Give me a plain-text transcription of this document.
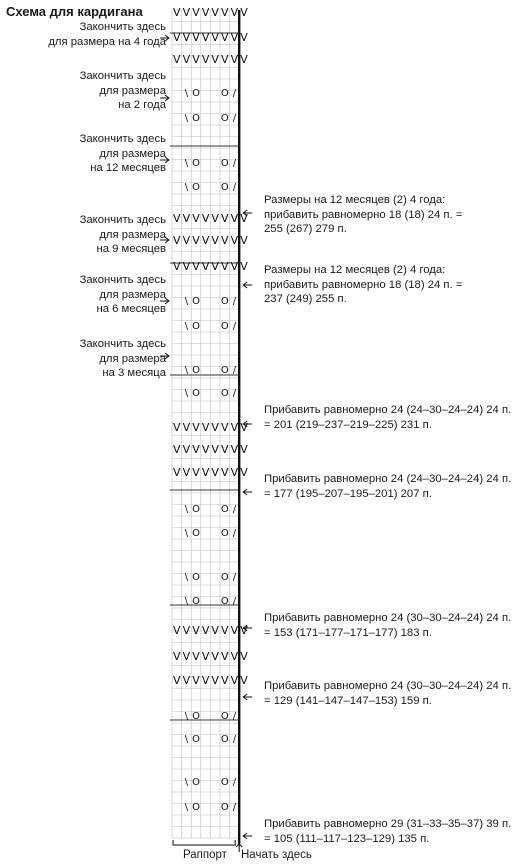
Схема для кардигана	V V V V V V V V
V V V V V V V V
V V V V V V V V
V V V V V V V V
V V V V V V V V
V V V V V V V V
V V V V V V V V
V V V V V V V V
V V V V V V V V
V V V V V V V V
V V V V V V V V
V V V V V V V V
\ O O /
\ O O /
\ O O /
\ O O /
\ O O /
\ O O /
\ O O /
\ O O /
\ O O /
\ O O /
\ O O /
\ O O /
\ O O /
\ O O /
\ O O /
\ O O /
Закончить здесь
для размера на 4 года
Закончить здесь
для размера
на 2 года
Закончить здесь
для размера
на 12 месяцев
Закончить здесь
для размера
на 9 месяцев
Закончить здесь
для размера
на 6 месяцев
Закончить здесь
для размера
на 3 месяца
Размеры на 12 месяцев (2) 4 года:
прибавить равномерно 18 (18) 24 п. =
255 (267) 279 п.
Размеры на 12 месяцев (2) 4 года:
прибавить равномерно 18 (18) 24 п. =
237 (249) 255 п.
Прибавить равномерно 24 (24–30–24–24) 24 п.
= 201 (219–237–219–225) 231 п.
Прибавить равномерно 24 (24–30–24–24) 24 п.
= 177 (195–207–195–201) 207 п.
Прибавить равномерно 24 (30–30–24–24) 24 п.
= 153 (171–177–171–177) 183 п.
Прибавить равномерно 24 (30–30–24–24) 24 п.
= 129 (141–147–147–153) 159 п.
Прибавить равномерно 29 (31–33–35–37) 39 п.
= 105 (111–117–123–129) 135 п.
Раппорт Начать здесь
